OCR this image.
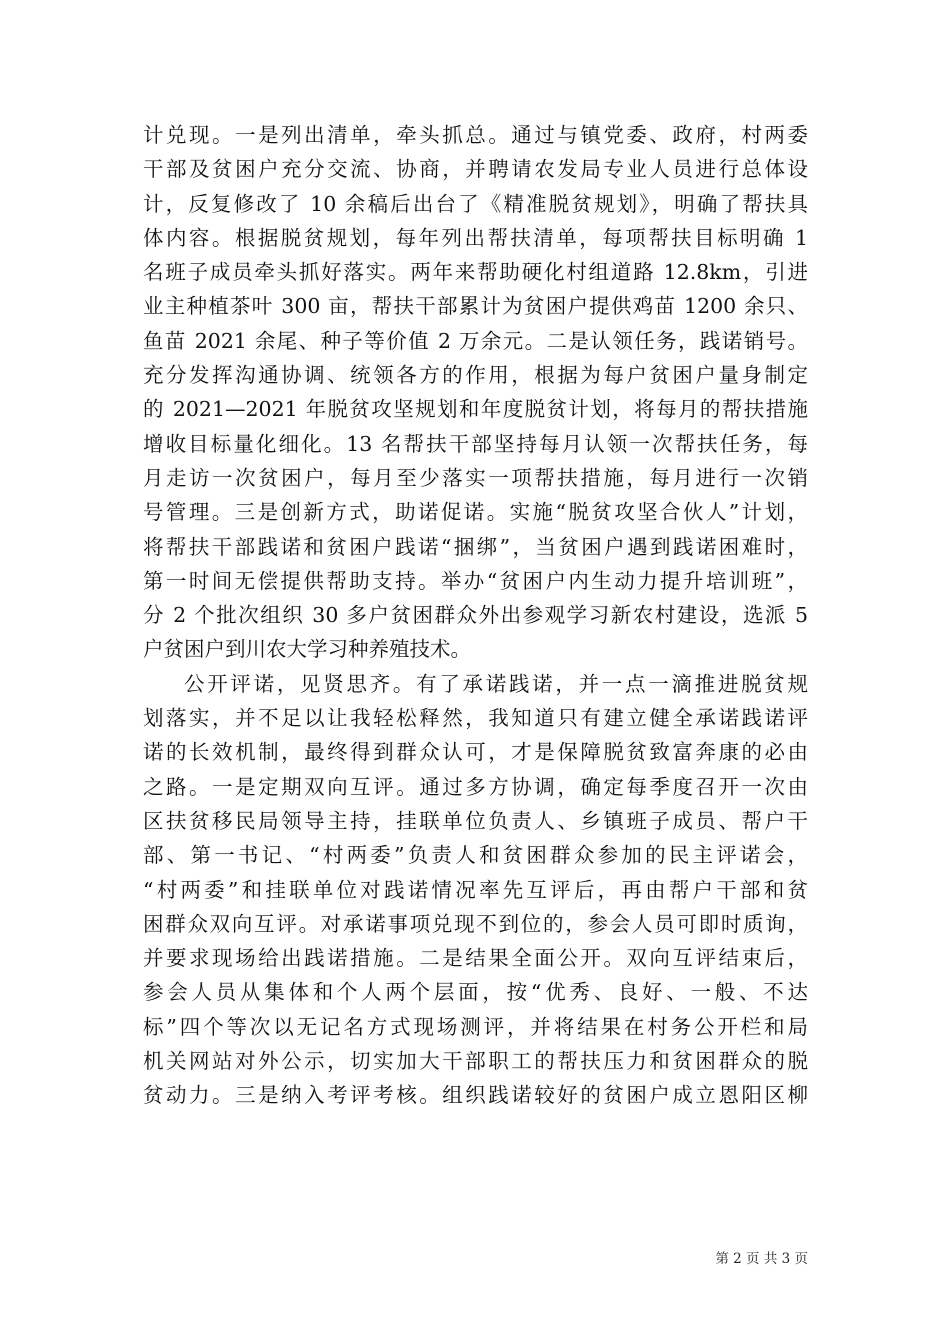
计兑现。一是列出清单，牵头抓总。通过与镇党委、政府，村两委
干部及贫困户充分交流、协商，并聘请农发局专业人员进行总体设
计，反复修改了 10 余稿后出台了《精准脱贫规划》，明确了帮扶具
体内容。根据脱贫规划，每年列出帮扶清单，每项帮扶目标明确 1
名班子成员牵头抓好落实。两年来帮助硬化村组道路 12.8km，引进
业主种植茶叶 300 亩，帮扶干部累计为贫困户提供鸡苗 1200 余只、
鱼苗 2021 余尾、种子等价值 2 万余元。二是认领任务，践诺销号。
充分发挥沟通协调、统领各方的作用，根据为每户贫困户量身制定
的 2021—2021 年脱贫攻坚规划和年度脱贫计划，将每月的帮扶措施
增收目标量化细化。13 名帮扶干部坚持每月认领一次帮扶任务，每
月走访一次贫困户，每月至少落实一项帮扶措施，每月进行一次销
号管理。三是创新方式，助诺促诺。实施“脱贫攻坚合伙人”计划，
将帮扶干部践诺和贫困户践诺“捆绑”，当贫困户遇到践诺困难时，
第一时间无偿提供帮助支持。举办“贫困户内生动力提升培训班”，
分 2 个批次组织 30 多户贫困群众外出参观学习新农村建设，选派 5
户贫困户到川农大学习种养殖技术。
公开评诺，见贤思齐。有了承诺践诺，并一点一滴推进脱贫规
划落实，并不足以让我轻松释然，我知道只有建立健全承诺践诺评
诺的长效机制，最终得到群众认可，才是保障脱贫致富奔康的必由
之路。一是定期双向互评。通过多方协调，确定每季度召开一次由
区扶贫移民局领导主持，挂联单位负责人、乡镇班子成员、帮户干
部、第一书记、“村两委”负责人和贫困群众参加的民主评诺会，
“村两委”和挂联单位对践诺情况率先互评后，再由帮户干部和贫
困群众双向互评。对承诺事项兑现不到位的，参会人员可即时质询，
并要求现场给出践诺措施。二是结果全面公开。双向互评结束后，
参会人员从集体和个人两个层面，按“优秀、良好、一般、不达
标”四个等次以无记名方式现场测评，并将结果在村务公开栏和局
机关网站对外公示，切实加大干部职工的帮扶压力和贫困群众的脱
贫动力。三是纳入考评考核。组织践诺较好的贫困户成立恩阳区柳
第 2 页 共 3 页
